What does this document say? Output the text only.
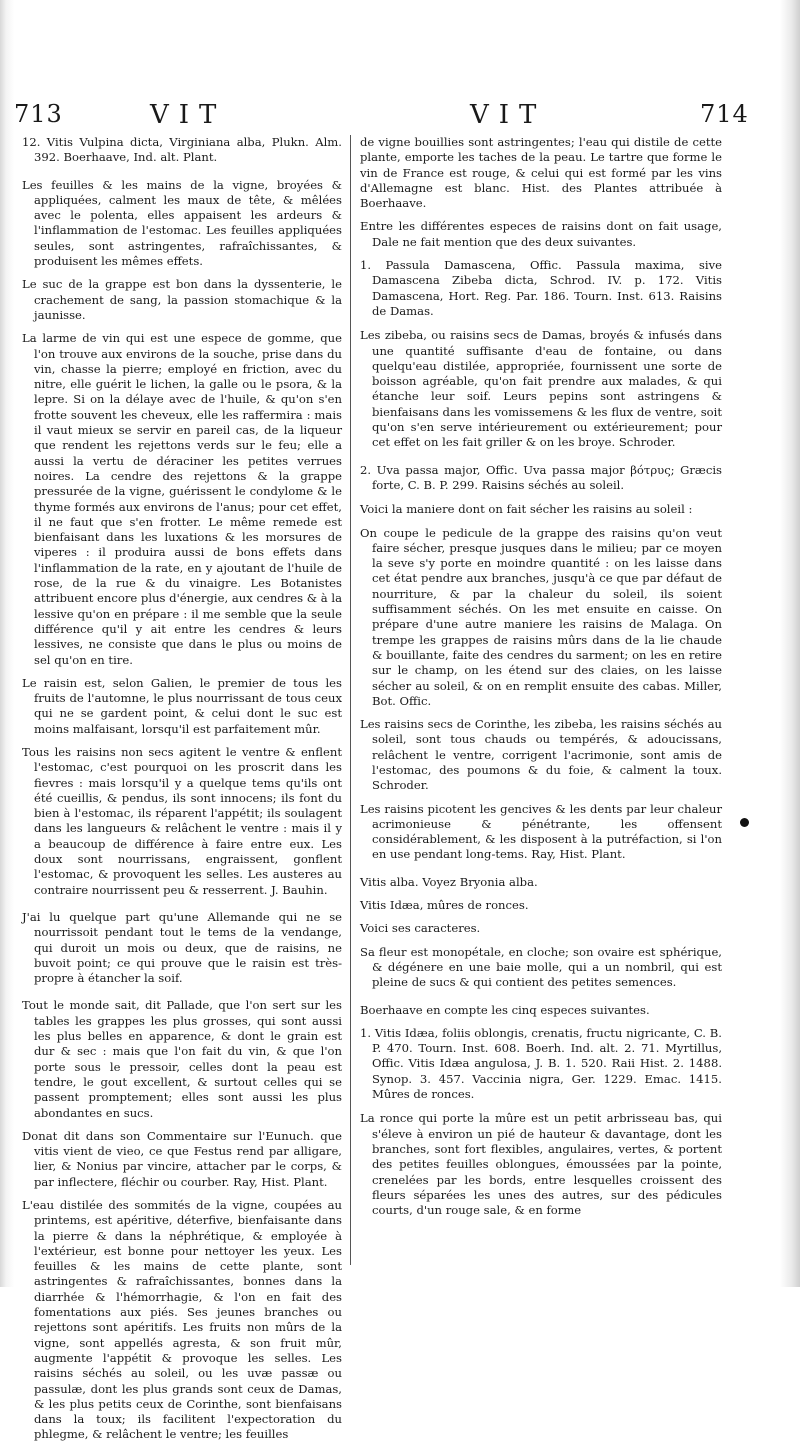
713	VIT	VIT	714

12. Vitis Vulpina dicta, Virginiana alba, Plukn. Alm. 392. Boerhaave, Ind. alt. Plant.

Les feuilles & les mains de la vigne, broyées & appliquées, calment les maux de tête, & mêlées avec le polenta, elles appaisent les ardeurs & l'inflammation de l'estomac. Les feuilles appliquées seules, sont astringentes, rafraîchissantes, & produisent les mêmes effets.

Le suc de la grappe est bon dans la dyssenterie, le crachement de sang, la passion stomachique & la jaunisse.

La larme de vin qui est une espece de gomme, que l'on trouve aux environs de la souche, prise dans du vin, chasse la pierre; employé en friction, avec du nitre, elle guérit le lichen, la galle ou le psora, & la lepre. Si on la délaye avec de l'huile, & qu'on s'en frotte souvent les cheveux, elle les raffermira : mais il vaut mieux se servir en pareil cas, de la liqueur que rendent les rejettons verds sur le feu; elle a aussi la vertu de déraciner les petites verrues noires. La cendre des rejettons & la grappe pressurée de la vigne, guérissent le condylome & le thyme formés aux environs de l'anus; pour cet effet, il ne faut que s'en frotter. Le même remede est bienfaisant dans les luxations & les morsures de viperes : il produira aussi de bons effets dans l'inflammation de la rate, en y ajoutant de l'huile de rose, de la rue & du vinaigre. Les Botanistes attribuent encore plus d'énergie, aux cendres & à la lessive qu'on en prépare : il me semble que la seule différence qu'il y ait entre les cendres & leurs lessives, ne consiste que dans le plus ou moins de sel qu'on en tire.

Le raisin est, selon Galien, le premier de tous les fruits de l'automne, le plus nourrissant de tous ceux qui ne se gardent point, & celui dont le suc est moins malfaisant, lorsqu'il est parfaitement mûr.

Tous les raisins non secs agitent le ventre & enflent l'estomac, c'est pourquoi on les proscrit dans les fievres : mais lorsqu'il y a quelque tems qu'ils ont été cueillis, & pendus, ils sont innocens; ils font du bien à l'estomac, ils réparent l'appétit; ils soulagent dans les langueurs & relâchent le ventre : mais il y a beaucoup de différence à faire entre eux. Les doux sont nourrissans, engraissent, gonflent l'estomac, & provoquent les selles. Les austeres au contraire nourrissent peu & resserrent. J. Bauhin.

J'ai lu quelque part qu'une Allemande qui ne se nourrissoit pendant tout le tems de la vendange, qui duroit un mois ou deux, que de raisins, ne buvoit point; ce qui prouve que le raisin est très-propre à étancher la soif.

Tout le monde sait, dit Pallade, que l'on sert sur les tables les grappes les plus grosses, qui sont aussi les plus belles en apparence, & dont le grain est dur & sec : mais que l'on fait du vin, & que l'on porte sous le pressoir, celles dont la peau est tendre, le gout excellent, & surtout celles qui se passent promptement; elles sont aussi les plus abondantes en sucs.

Donat dit dans son Commentaire sur l'Eunuch. que vitis vient de vieo, ce que Festus rend par alligare, lier, & Nonius par vincire, attacher par le corps, & par inflectere, fléchir ou courber. Ray, Hist. Plant.

L'eau distilée des sommités de la vigne, coupées au printems, est apéritive, déterfive, bienfaisante dans la pierre & dans la néphrétique, & employée à l'extérieur, est bonne pour nettoyer les yeux. Les feuilles & les mains de cette plante, sont astringentes & rafraîchissantes, bonnes dans la diarrhée & l'hémorrhagie, & l'on en fait des fomentations aux piés. Ses jeunes branches ou rejettons sont apéritifs. Les fruits non mûrs de la vigne, sont appellés agresta, & son fruit mûr, augmente l'appétit & provoque les selles. Les raisins séchés au soleil, ou les uvæ passæ ou passulæ, dont les plus grands sont ceux de Damas, & les plus petits ceux de Corinthe, sont bienfaisans dans la toux; ils facilitent l'expectoration du phlegme, & relâchent le ventre; les feuilles

de vigne bouillies sont astringentes; l'eau qui distile de cette plante, emporte les taches de la peau. Le tartre que forme le vin de France est rouge, & celui qui est formé par les vins d'Allemagne est blanc. Hist. des Plantes attribuée à Boerhaave.

Entre les différentes especes de raisins dont on fait usage, Dale ne fait mention que des deux suivantes.

1. Passula Damascena, Offic. Passula maxima, sive Damascena Zibeba dicta, Schrod. IV. p. 172. Vitis Damascena, Hort. Reg. Par. 186. Tourn. Inst. 613. Raisins de Damas.

Les zibeba, ou raisins secs de Damas, broyés & infusés dans une quantité suffisante d'eau de fontaine, ou dans quelqu'eau distilée, appropriée, fournissent une sorte de boisson agréable, qu'on fait prendre aux malades, & qui étanche leur soif. Leurs pepins sont astringens & bienfaisans dans les vomissemens & les flux de ventre, soit qu'on s'en serve intérieurement ou extérieurement; pour cet effet on les fait griller & on les broye. Schroder.

2. Uva passa major, Offic. Uva passa major βότρυς; Græcis forte, C. B. P. 299. Raisins séchés au soleil.

Voici la maniere dont on fait sécher les raisins au soleil :

On coupe le pedicule de la grappe des raisins qu'on veut faire sécher, presque jusques dans le milieu; par ce moyen la seve s'y porte en moindre quantité : on les laisse dans cet état pendre aux branches, jusqu'à ce que par défaut de nourriture, & par la chaleur du soleil, ils soient suffisamment séchés. On les met ensuite en caisse. On prépare d'une autre maniere les raisins de Malaga. On trempe les grappes de raisins mûrs dans de la lie chaude & bouillante, faite des cendres du sarment; on les en retire sur le champ, on les étend sur des claies, on les laisse sécher au soleil, & on en remplit ensuite des cabas. Miller, Bot. Offic.

Les raisins secs de Corinthe, les zibeba, les raisins séchés au soleil, sont tous chauds ou tempérés, & adoucissans, relâchent le ventre, corrigent l'acrimonie, sont amis de l'estomac, des poumons & du foie, & calment la toux. Schroder.

Les raisins picotent les gencives & les dents par leur chaleur acrimonieuse & pénétrante, les offensent considérablement, & les disposent à la putréfaction, si l'on en use pendant long-tems. Ray, Hist. Plant.

Vitis alba. Voyez Bryonia alba.

Vitis Idæa, mûres de ronces.

Voici ses caracteres.

Sa fleur est monopétale, en cloche; son ovaire est sphérique, & dégénere en une baie molle, qui a un nombril, qui est pleine de sucs & qui contient des petites semences.

Boerhaave en compte les cinq especes suivantes.

1. Vitis Idæa, foliis oblongis, crenatis, fructu nigricante, C. B. P. 470. Tourn. Inst. 608. Boerh. Ind. alt. 2. 71. Myrtillus, Offic. Vitis Idæa angulosa, J. B. 1. 520. Raii Hist. 2. 1488. Synop. 3. 457. Vaccinia nigra, Ger. 1229. Emac. 1415. Mûres de ronces.

La ronce qui porte la mûre est un petit arbrisseau bas, qui s'éleve à environ un pié de hauteur & davantage, dont les branches, sont fort flexibles, angulaires, vertes, & portent des petites feuilles oblongues, émoussées par la pointe, crenelées par les bords, entre lesquelles croissent des fleurs séparées les unes des autres, sur des pédicules courts, d'un rouge sale, & en forme
